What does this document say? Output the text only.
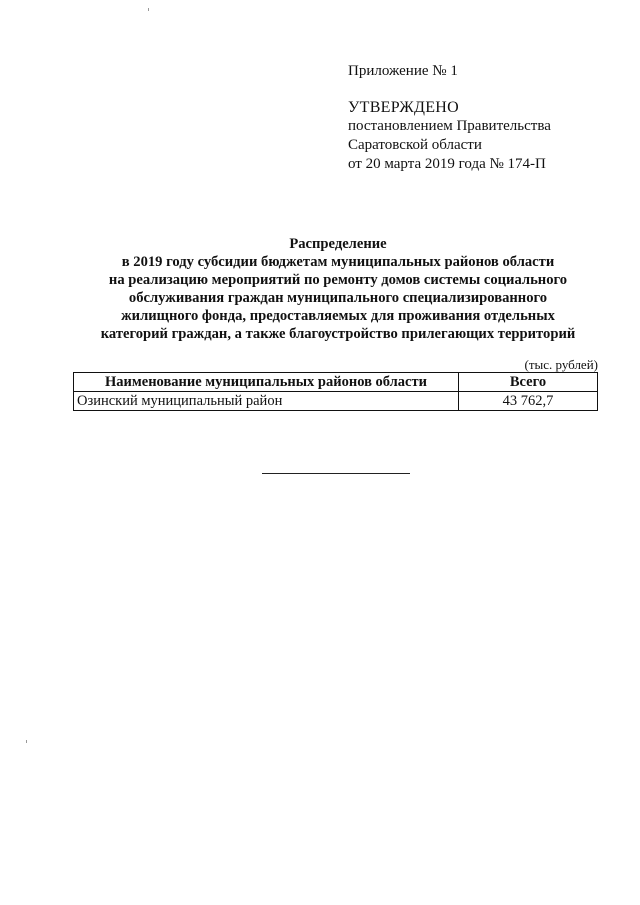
Приложение № 1
УТВЕРЖДЕНО
постановлением Правительства
Саратовской области
от 20 марта 2019 года № 174-П
Распределение
в 2019 году субсидии бюджетам муниципальных районов области
на реализацию мероприятий по ремонту домов системы социального
обслуживания граждан муниципального специализированного
жилищного фонда, предоставляемых для проживания отдельных
категорий граждан, а также благоустройство прилегающих территорий
(тыс. рублей)
Наименование муниципальных районов области	Всего
Озинский муниципальный район	43 762,7
